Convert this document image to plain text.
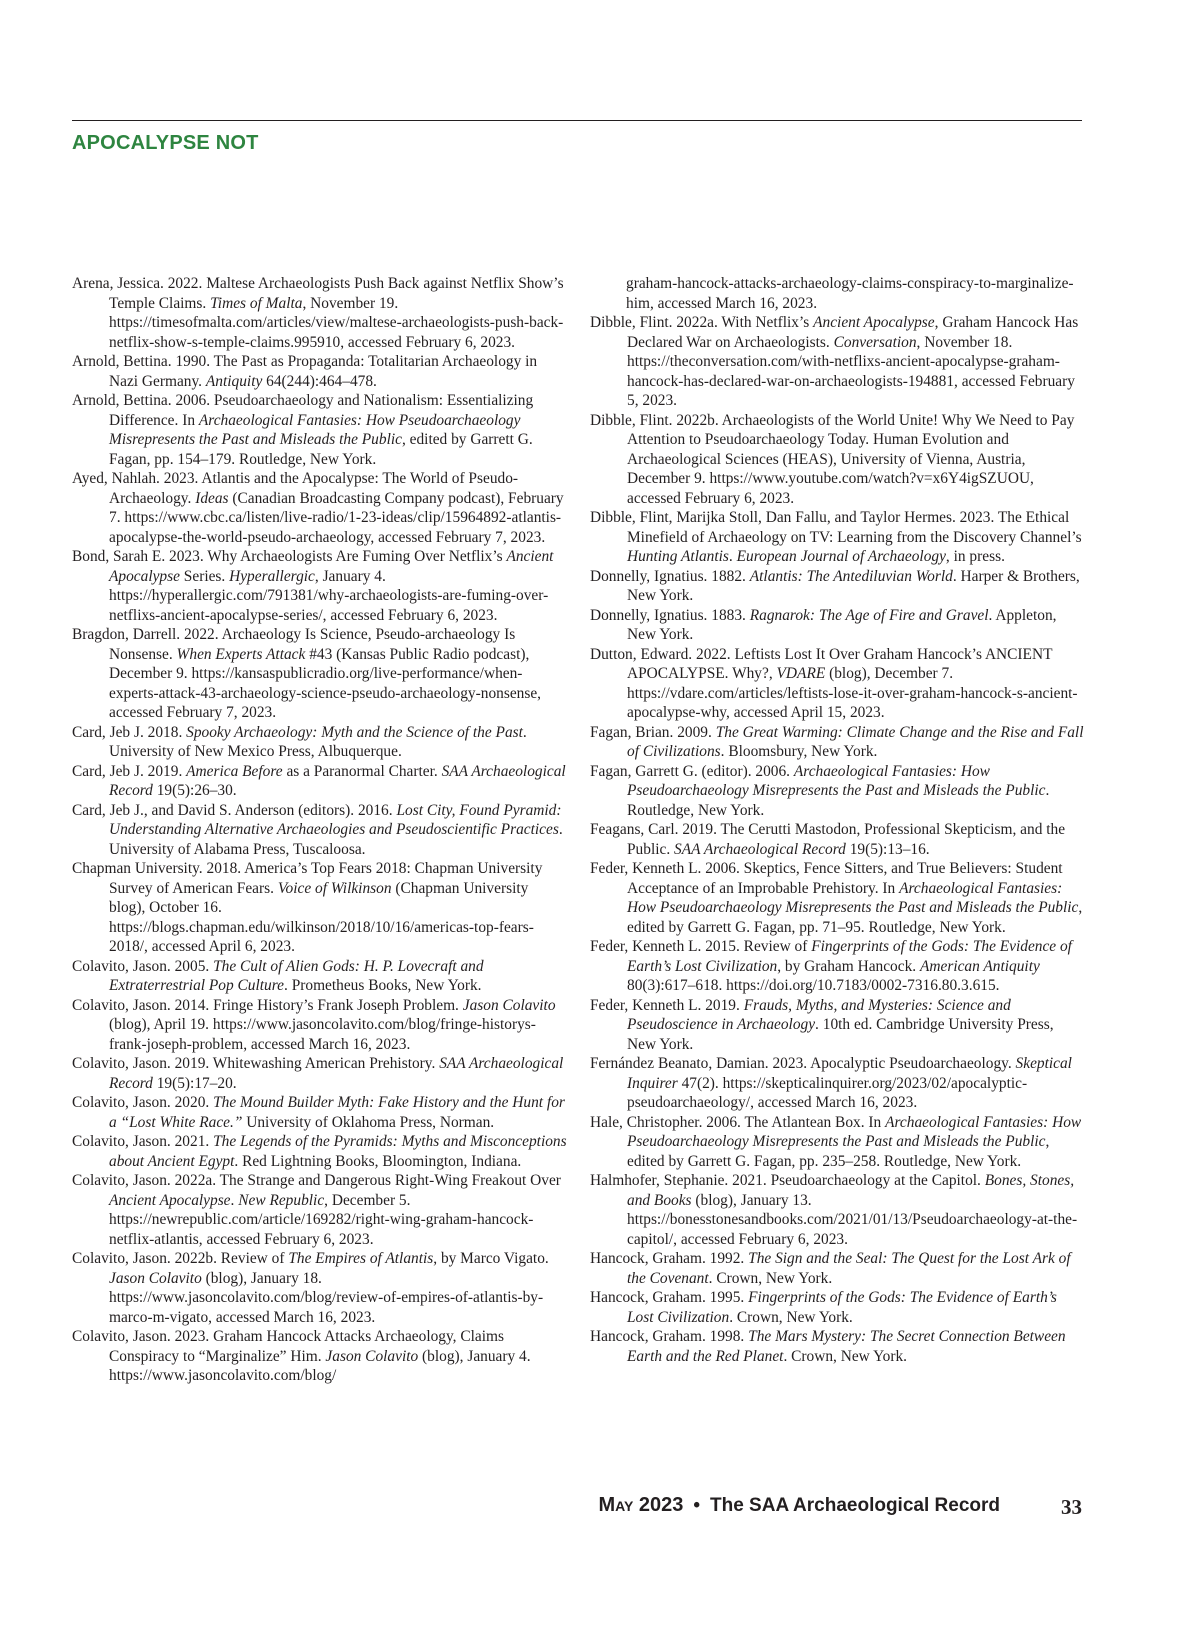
APOCALYPSE NOT
Arena, Jessica. 2022. Maltese Archaeologists Push Back against Netflix Show’s Temple Claims. Times of Malta, November 19. https://timesofmalta.com/articles/view/maltese-archaeologists-push-back-netflix-show-s-temple-claims.995910, accessed February 6, 2023.
Arnold, Bettina. 1990. The Past as Propaganda: Totalitarian Archaeology in Nazi Germany. Antiquity 64(244):464–478.
Arnold, Bettina. 2006. Pseudoarchaeology and Nationalism: Essentializing Difference. In Archaeological Fantasies: How Pseudoarchaeology Misrepresents the Past and Misleads the Public, edited by Garrett G. Fagan, pp. 154–179. Routledge, New York.
Ayed, Nahlah. 2023. Atlantis and the Apocalypse: The World of Pseudo-Archaeology. Ideas (Canadian Broadcasting Company podcast), February 7. https://www.cbc.ca/listen/live-radio/1-23-ideas/clip/15964892-atlantis-apocalypse-the-world-pseudo-archaeology, accessed February 7, 2023.
Bond, Sarah E. 2023. Why Archaeologists Are Fuming Over Netflix’s Ancient Apocalypse Series. Hyperallergic, January 4. https://hyperallergic.com/791381/why-archaeologists-are-fuming-over-netflixs-ancient-apocalypse-series/, accessed February 6, 2023.
Bragdon, Darrell. 2022. Archaeology Is Science, Pseudo-archaeology Is Nonsense. When Experts Attack #43 (Kansas Public Radio podcast), December 9. https://kansaspublicradio.org/live-performance/when-experts-attack-43-archaeology-science-pseudo-archaeology-nonsense, accessed February 7, 2023.
Card, Jeb J. 2018. Spooky Archaeology: Myth and the Science of the Past. University of New Mexico Press, Albuquerque.
Card, Jeb J. 2019. America Before as a Paranormal Charter. SAA Archaeological Record 19(5):26–30.
Card, Jeb J., and David S. Anderson (editors). 2016. Lost City, Found Pyramid: Understanding Alternative Archaeologies and Pseudoscientific Practices. University of Alabama Press, Tuscaloosa.
Chapman University. 2018. America’s Top Fears 2018: Chapman University Survey of American Fears. Voice of Wilkinson (Chapman University blog), October 16. https://blogs.chapman.edu/wilkinson/2018/10/16/americas-top-fears-2018/, accessed April 6, 2023.
Colavito, Jason. 2005. The Cult of Alien Gods: H. P. Lovecraft and Extraterrestrial Pop Culture. Prometheus Books, New York.
Colavito, Jason. 2014. Fringe History’s Frank Joseph Problem. Jason Colavito (blog), April 19. https://www.jasoncolavito.com/blog/fringe-historys-frank-joseph-problem, accessed March 16, 2023.
Colavito, Jason. 2019. Whitewashing American Prehistory. SAA Archaeological Record 19(5):17–20.
Colavito, Jason. 2020. The Mound Builder Myth: Fake History and the Hunt for a “Lost White Race.” University of Oklahoma Press, Norman.
Colavito, Jason. 2021. The Legends of the Pyramids: Myths and Misconceptions about Ancient Egypt. Red Lightning Books, Bloomington, Indiana.
Colavito, Jason. 2022a. The Strange and Dangerous Right-Wing Freakout Over Ancient Apocalypse. New Republic, December 5. https://newrepublic.com/article/169282/right-wing-graham-hancock-netflix-atlantis, accessed February 6, 2023.
Colavito, Jason. 2022b. Review of The Empires of Atlantis, by Marco Vigato. Jason Colavito (blog), January 18. https://www.jasoncolavito.com/blog/review-of-empires-of-atlantis-by-marco-m-vigato, accessed March 16, 2023.
Colavito, Jason. 2023. Graham Hancock Attacks Archaeology, Claims Conspiracy to “Marginalize” Him. Jason Colavito (blog), January 4. https://www.jasoncolavito.com/blog/
graham-hancock-attacks-archaeology-claims-conspiracy-to-marginalize-him, accessed March 16, 2023.
Dibble, Flint. 2022a. With Netflix’s Ancient Apocalypse, Graham Hancock Has Declared War on Archaeologists. Conversation, November 18. https://theconversation.com/with-netflixs-ancient-apocalypse-graham-hancock-has-declared-war-on-archaeologists-194881, accessed February 5, 2023.
Dibble, Flint. 2022b. Archaeologists of the World Unite! Why We Need to Pay Attention to Pseudoarchaeology Today. Human Evolution and Archaeological Sciences (HEAS), University of Vienna, Austria, December 9. https://www.youtube.com/watch?v=x6Y4igSZUOU, accessed February 6, 2023.
Dibble, Flint, Marijka Stoll, Dan Fallu, and Taylor Hermes. 2023. The Ethical Minefield of Archaeology on TV: Learning from the Discovery Channel’s Hunting Atlantis. European Journal of Archaeology, in press.
Donnelly, Ignatius. 1882. Atlantis: The Antediluvian World. Harper & Brothers, New York.
Donnelly, Ignatius. 1883. Ragnarok: The Age of Fire and Gravel. Appleton, New York.
Dutton, Edward. 2022. Leftists Lost It Over Graham Hancock’s ANCIENT APOCALYPSE. Why?, VDARE (blog), December 7. https://vdare.com/articles/leftists-lose-it-over-graham-hancock-s-ancient-apocalypse-why, accessed April 15, 2023.
Fagan, Brian. 2009. The Great Warming: Climate Change and the Rise and Fall of Civilizations. Bloomsbury, New York.
Fagan, Garrett G. (editor). 2006. Archaeological Fantasies: How Pseudoarchaeology Misrepresents the Past and Misleads the Public. Routledge, New York.
Feagans, Carl. 2019. The Cerutti Mastodon, Professional Skepticism, and the Public. SAA Archaeological Record 19(5):13–16.
Feder, Kenneth L. 2006. Skeptics, Fence Sitters, and True Believers: Student Acceptance of an Improbable Prehistory. In Archaeological Fantasies: How Pseudoarchaeology Misrepresents the Past and Misleads the Public, edited by Garrett G. Fagan, pp. 71–95. Routledge, New York.
Feder, Kenneth L. 2015. Review of Fingerprints of the Gods: The Evidence of Earth’s Lost Civilization, by Graham Hancock. American Antiquity 80(3):617–618. https://doi.org/10.7183/0002-7316.80.3.615.
Feder, Kenneth L. 2019. Frauds, Myths, and Mysteries: Science and Pseudoscience in Archaeology. 10th ed. Cambridge University Press, New York.
Fernández Beanato, Damian. 2023. Apocalyptic Pseudoarchaeology. Skeptical Inquirer 47(2). https://skepticalinquirer.org/2023/02/apocalyptic-pseudoarchaeology/, accessed March 16, 2023.
Hale, Christopher. 2006. The Atlantean Box. In Archaeological Fantasies: How Pseudoarchaeology Misrepresents the Past and Misleads the Public, edited by Garrett G. Fagan, pp. 235–258. Routledge, New York.
Halmhofer, Stephanie. 2021. Pseudoarchaeology at the Capitol. Bones, Stones, and Books (blog), January 13. https://bonesstonesandbooks.com/2021/01/13/Pseudoarchaeology-at-the-capitol/, accessed February 6, 2023.
Hancock, Graham. 1992. The Sign and the Seal: The Quest for the Lost Ark of the Covenant. Crown, New York.
Hancock, Graham. 1995. Fingerprints of the Gods: The Evidence of Earth’s Lost Civilization. Crown, New York.
Hancock, Graham. 1998. The Mars Mystery: The Secret Connection Between Earth and the Red Planet. Crown, New York.
May 2023 • The SAA Archaeological Record	33
